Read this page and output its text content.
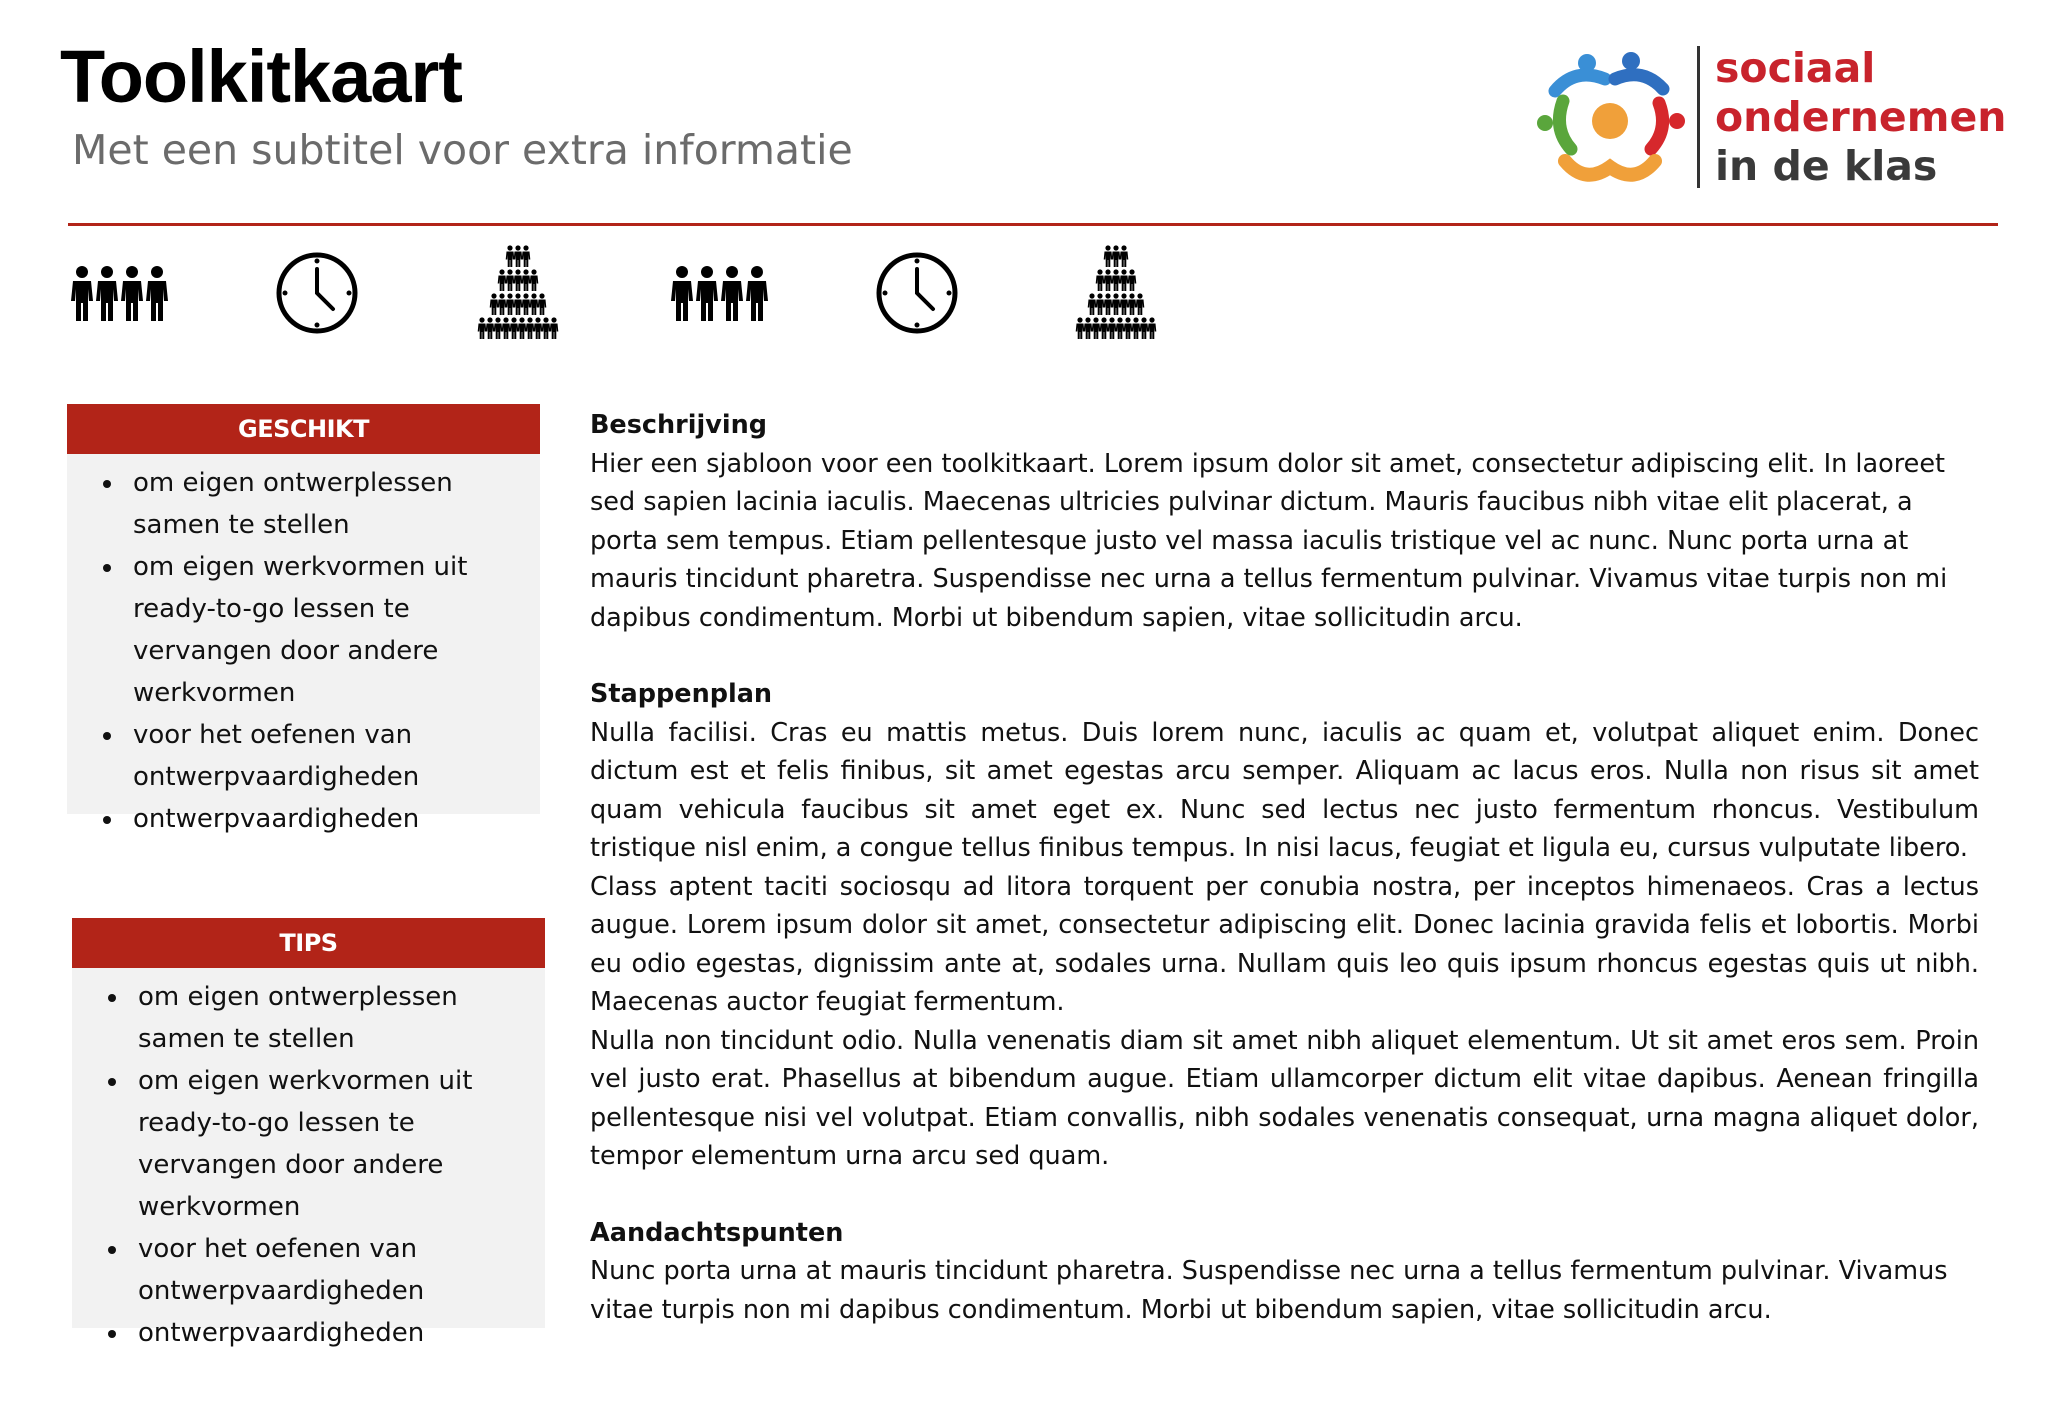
Toolkitkaart

Met een subtitel voor extra informatie

sociaal
ondernemen
in de klas
GESCHIKT
• om eigen ontwerplessen samen te stellen
• om eigen werkvormen uit ready-to-go lessen te vervangen door andere werkvormen
• voor het oefenen van ontwerpvaardigheden
• ontwerpvaardigheden
TIPS
• om eigen ontwerplessen samen te stellen
• om eigen werkvormen uit ready-to-go lessen te vervangen door andere werkvormen
• voor het oefenen van ontwerpvaardigheden
• ontwerpvaardigheden
Beschrijving

Hier een sjabloon voor een toolkitkaart. Lorem ipsum dolor sit amet, consectetur adipiscing elit. In laoreet sed sapien lacinia iaculis. Maecenas ultricies pulvinar dictum. Mauris faucibus nibh vitae elit placerat, a porta sem tempus. Etiam pellentesque justo vel massa iaculis tristique vel ac nunc. Nunc porta urna at mauris tincidunt pharetra. Suspendisse nec urna a tellus fermentum pulvinar. Vivamus vitae turpis non mi dapibus condimentum. Morbi ut bibendum sapien, vitae sollicitudin arcu.

Stappenplan

Nulla facilisi. Cras eu mattis metus. Duis lorem nunc, iaculis ac quam et, volutpat aliquet enim. Donec dictum est et felis finibus, sit amet egestas arcu semper. Aliquam ac lacus eros. Nulla non risus sit amet quam vehicula faucibus sit amet eget ex. Nunc sed lectus nec justo fermentum rhoncus. Vestibulum tristique nisl enim, a congue tellus finibus tempus. In nisi lacus, feugiat et ligula eu, cursus vulputate libero.

Class aptent taciti sociosqu ad litora torquent per conubia nostra, per inceptos himenaeos. Cras a lectus augue. Lorem ipsum dolor sit amet, consectetur adipiscing elit. Donec lacinia gravida felis et lobortis. Morbi eu odio egestas, dignissim ante at, sodales urna. Nullam quis leo quis ipsum rhoncus egestas quis ut nibh. Maecenas auctor feugiat fermentum.

Nulla non tincidunt odio. Nulla venenatis diam sit amet nibh aliquet elementum. Ut sit amet eros sem. Proin vel justo erat. Phasellus at bibendum augue. Etiam ullamcorper dictum elit vitae dapibus. Aenean fringilla pellentesque nisi vel volutpat. Etiam convallis, nibh sodales venenatis consequat, urna magna aliquet dolor, tempor elementum urna arcu sed quam.

Aandachtspunten

Nunc porta urna at mauris tincidunt pharetra. Suspendisse nec urna a tellus fermentum pulvinar. Vivamus vitae turpis non mi dapibus condimentum. Morbi ut bibendum sapien, vitae sollicitudin arcu.
